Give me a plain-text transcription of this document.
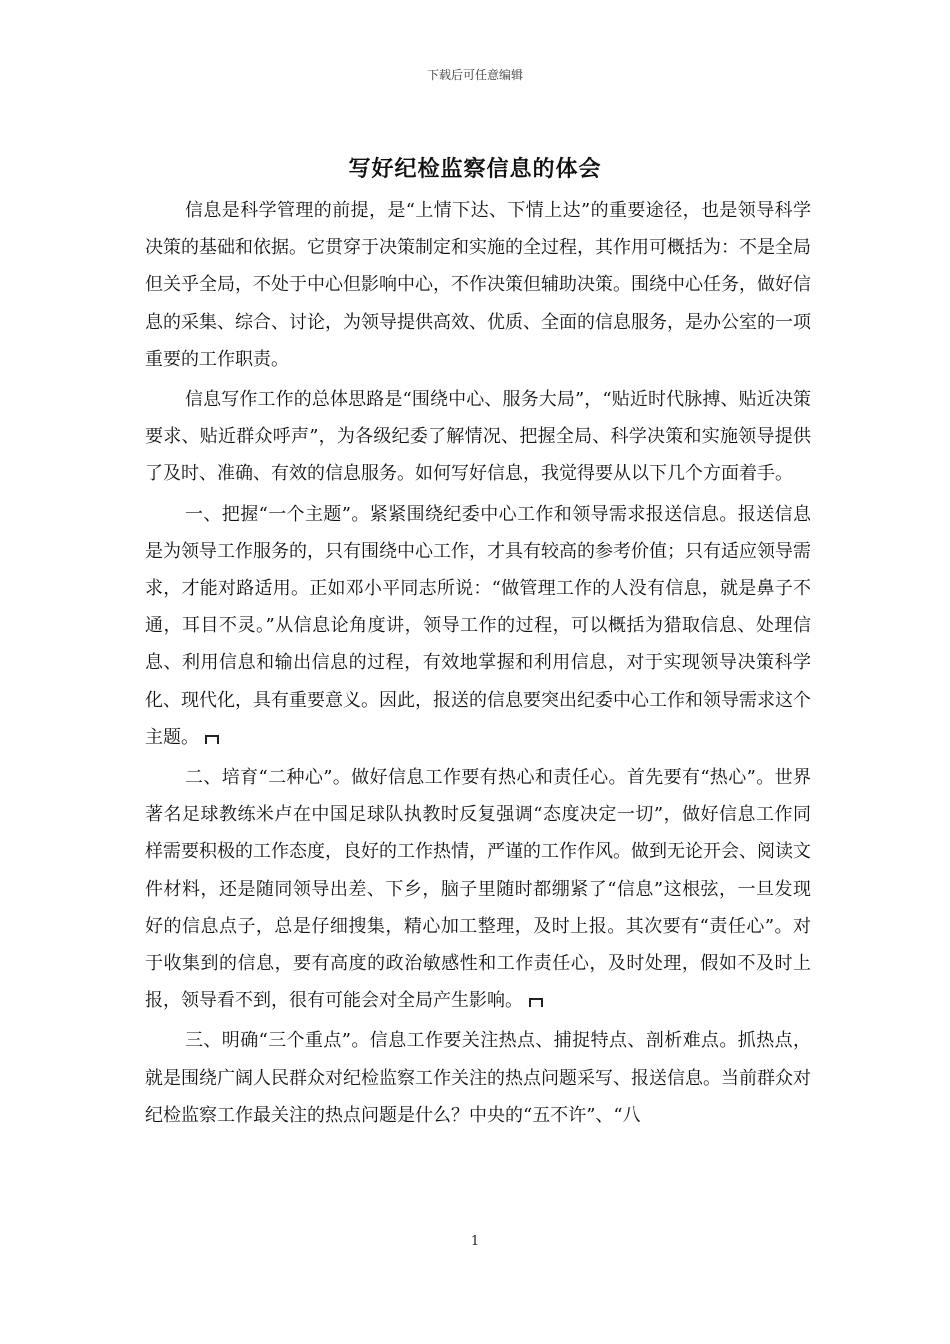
下载后可任意编辑
写好纪检监察信息的体会

信息是科学管理的前提，是“上情下达、下情上达”的重要途径，也是领导科学决策的基础和依据。它贯穿于决策制定和实施的全过程，其作用可概括为：不是全局但关乎全局，不处于中心但影响中心，不作决策但辅助决策。围绕中心任务，做好信息的采集、综合、讨论，为领导提供高效、优质、全面的信息服务，是办公室的一项重要的工作职责。

信息写作工作的总体思路是“围绕中心、服务大局”，“贴近时代脉搏、贴近决策要求、贴近群众呼声”，为各级纪委了解情况、把握全局、科学决策和实施领导提供了及时、准确、有效的信息服务。如何写好信息，我觉得要从以下几个方面着手。

一、把握“一个主题”。紧紧围绕纪委中心工作和领导需求报送信息。报送信息是为领导工作服务的，只有围绕中心工作，才具有较高的参考价值；只有适应领导需求，才能对路适用。正如邓小平同志所说：“做管理工作的人没有信息，就是鼻子不通，耳目不灵。”从信息论角度讲，领导工作的过程，可以概括为猎取信息、处理信息、利用信息和输出信息的过程，有效地掌握和利用信息，对于实现领导决策科学化、现代化，具有重要意义。因此，报送的信息要突出纪委中心工作和领导需求这个主题。

二、培育“二种心”。做好信息工作要有热心和责任心。首先要有“热心”。世界著名足球教练米卢在中国足球队执教时反复强调“态度决定一切”，做好信息工作同样需要积极的工作态度，良好的工作热情，严谨的工作作风。做到无论开会、阅读文件材料，还是随同领导出差、下乡，脑子里随时都绷紧了“信息”这根弦，一旦发现好的信息点子，总是仔细搜集，精心加工整理，及时上报。其次要有“责任心”。对于收集到的信息，要有高度的政治敏感性和工作责任心，及时处理，假如不及时上报，领导看不到，很有可能会对全局产生影响。

三、明确“三个重点”。信息工作要关注热点、捕捉特点、剖析难点。抓热点，就是围绕广阔人民群众对纪检监察工作关注的热点问题采写、报送信息。当前群众对纪检监察工作最关注的热点问题是什么？中央的“五不许”、“八

1
